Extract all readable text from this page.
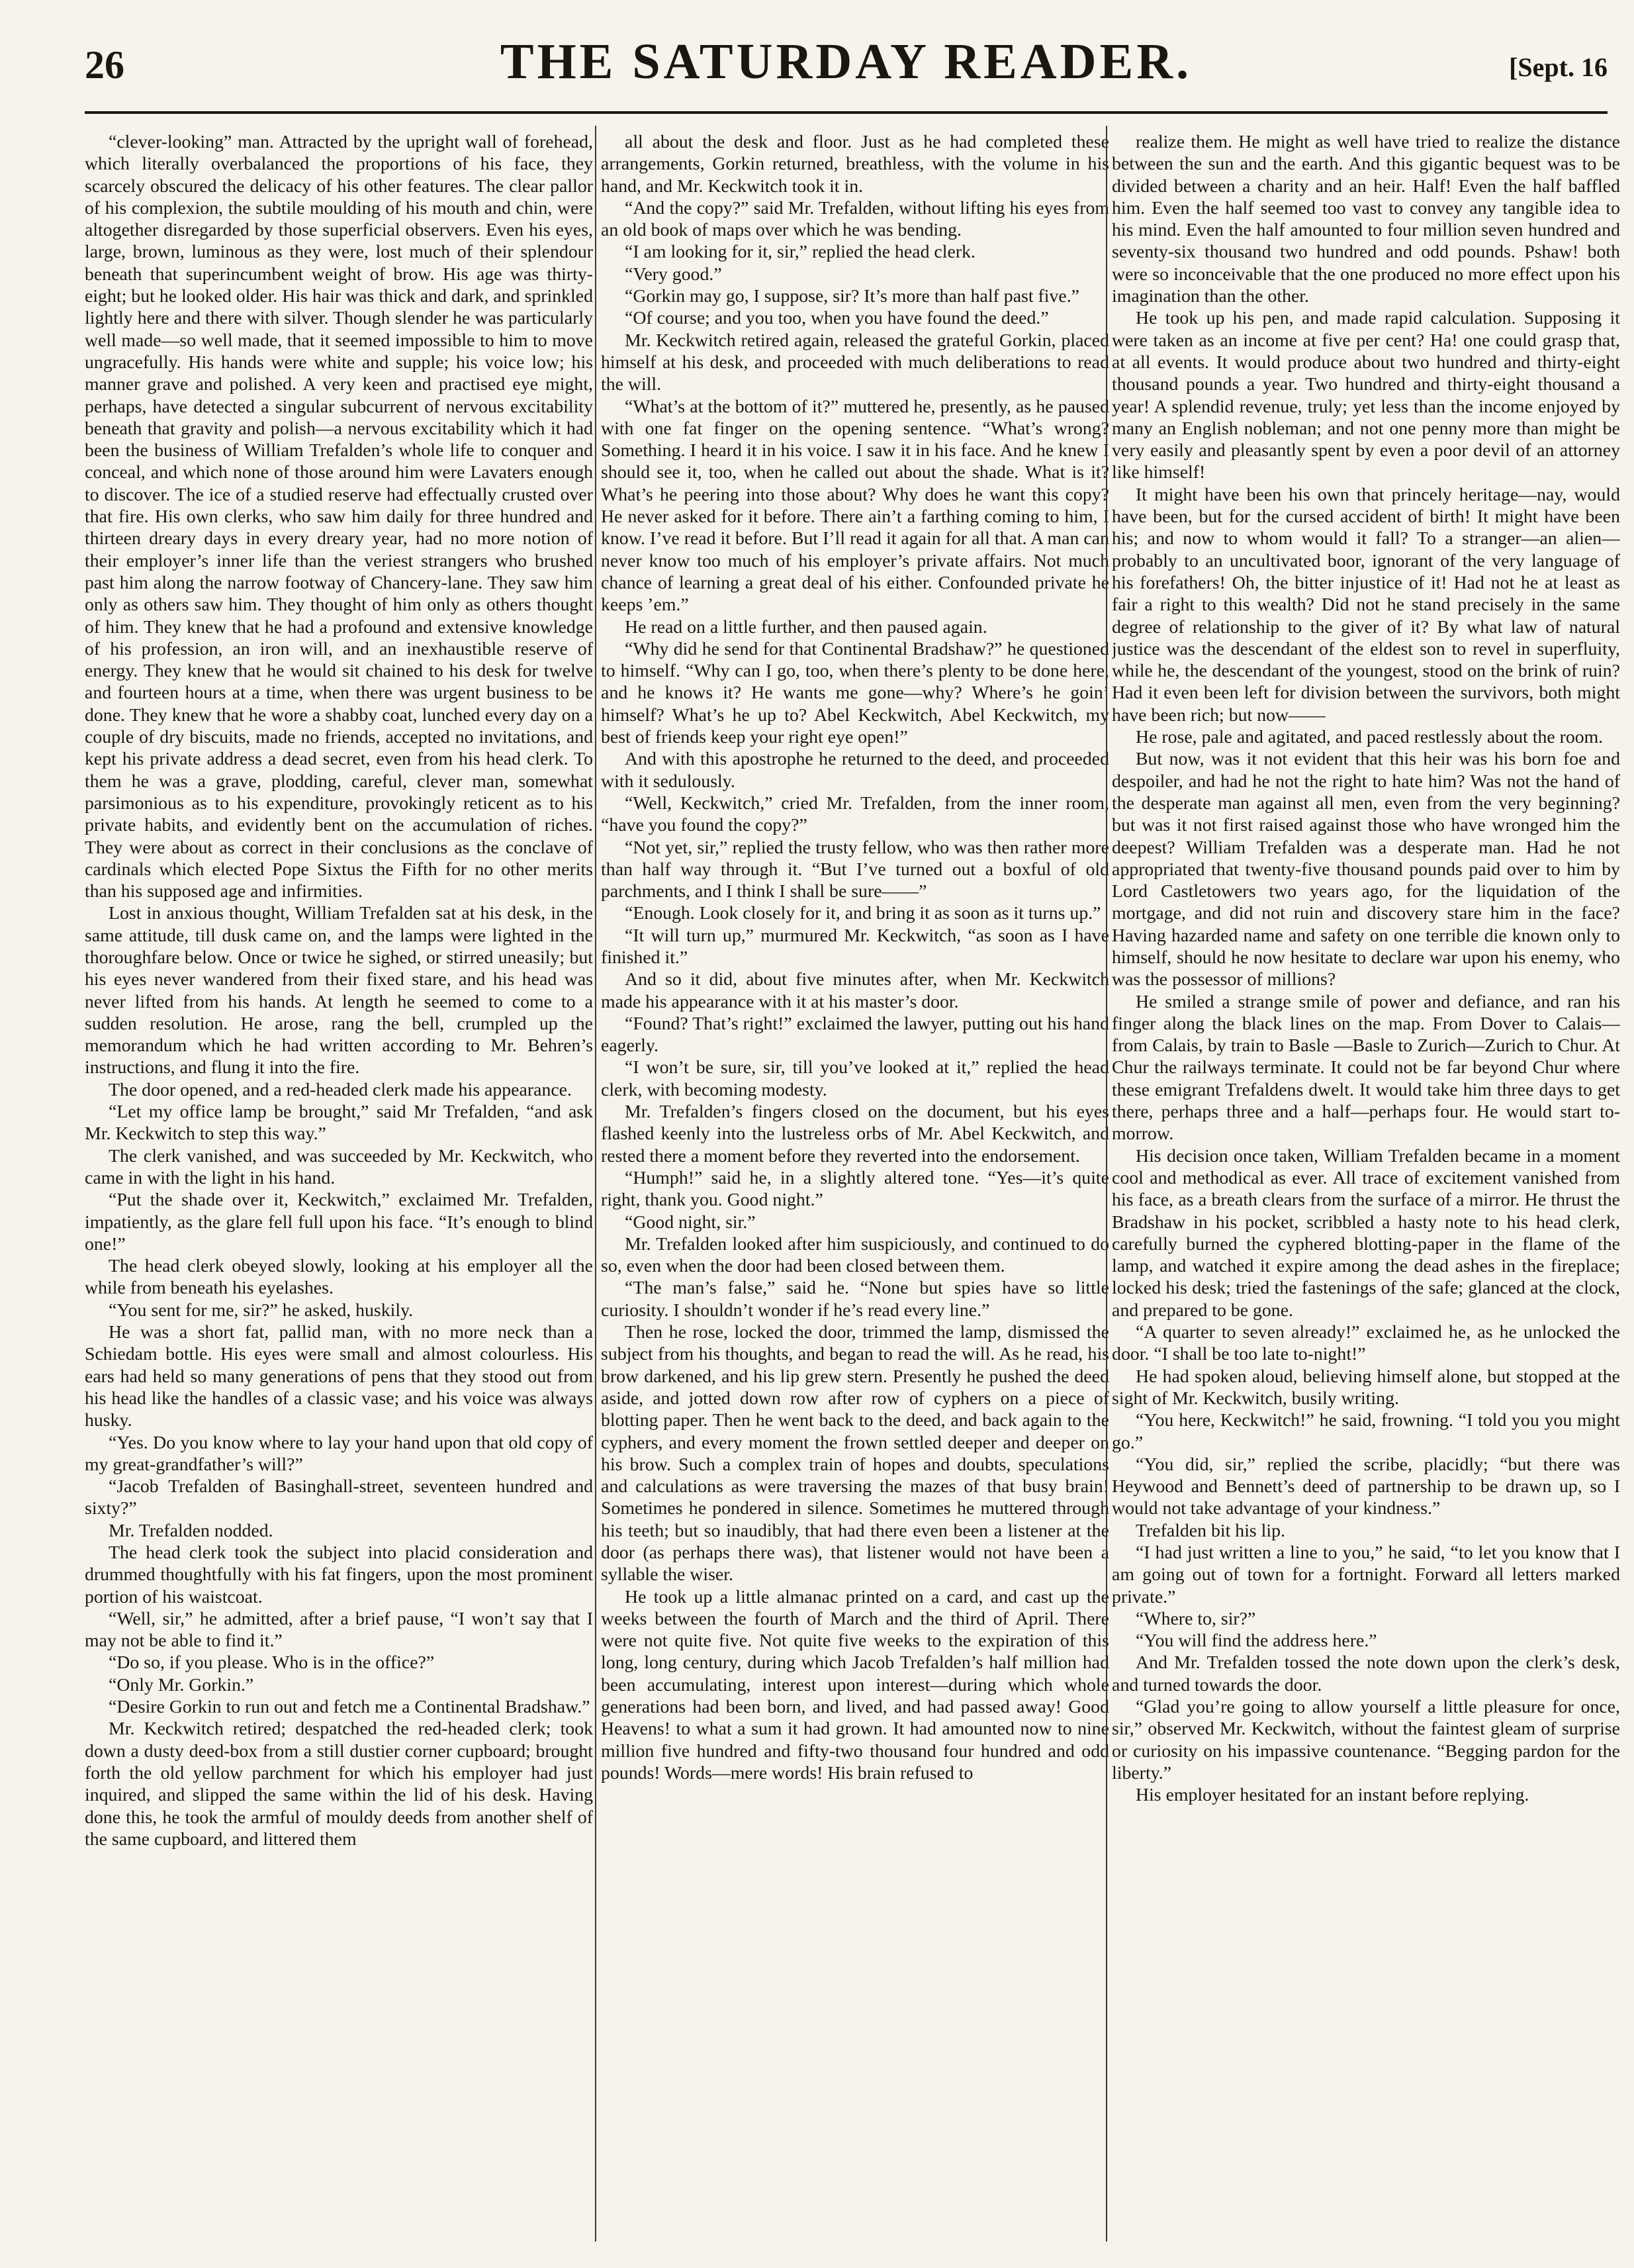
26	THE SATURDAY READER.	[Sept. 16

“clever-looking” man. Attracted by the upright wall of forehead, which literally overbalanced the proportions of his face, they scarcely obscured the delicacy of his other features. The clear pallor of his complexion, the subtile moulding of his mouth and chin, were altogether disregarded by those superficial observers. Even his eyes, large, brown, luminous as they were, lost much of their splendour beneath that superincumbent weight of brow. His age was thirty-eight; but he looked older. His hair was thick and dark, and sprinkled lightly here and there with silver. Though slender he was particularly well made—so well made, that it seemed impossible to him to move ungracefully. His hands were white and supple; his voice low; his manner grave and polished. A very keen and practised eye might, perhaps, have detected a singular subcurrent of nervous excitability beneath that gravity and polish—a nervous excitability which it had been the business of William Trefalden’s whole life to conquer and conceal, and which none of those around him were Lavaters enough to discover. The ice of a studied reserve had effectually crusted over that fire. His own clerks, who saw him daily for three hundred and thirteen dreary days in every dreary year, had no more notion of their employer’s inner life than the veriest strangers who brushed past him along the narrow footway of Chancery-lane. They saw him only as others saw him. They thought of him only as others thought of him. They knew that he had a profound and extensive knowledge of his profession, an iron will, and an inexhaustible reserve of energy. They knew that he would sit chained to his desk for twelve and fourteen hours at a time, when there was urgent business to be done. They knew that he wore a shabby coat, lunched every day on a couple of dry biscuits, made no friends, accepted no invitations, and kept his private address a dead secret, even from his head clerk. To them he was a grave, plodding, careful, clever man, somewhat parsimonious as to his expenditure, provokingly reticent as to his private habits, and evidently bent on the accumulation of riches. They were about as correct in their conclusions as the conclave of cardinals which elected Pope Sixtus the Fifth for no other merits than his supposed age and infirmities.

Lost in anxious thought, William Trefalden sat at his desk, in the same attitude, till dusk came on, and the lamps were lighted in the thoroughfare below. Once or twice he sighed, or stirred uneasily; but his eyes never wandered from their fixed stare, and his head was never lifted from his hands. At length he seemed to come to a sudden resolution. He arose, rang the bell, crumpled up the memorandum which he had written according to Mr. Behren’s instructions, and flung it into the fire.

The door opened, and a red-headed clerk made his appearance.

“Let my office lamp be brought,” said Mr Trefalden, “and ask Mr. Keckwitch to step this way.”

The clerk vanished, and was succeeded by Mr. Keckwitch, who came in with the light in his hand.

“Put the shade over it, Keckwitch,” exclaimed Mr. Trefalden, impatiently, as the glare fell full upon his face. “It’s enough to blind one!”

The head clerk obeyed slowly, looking at his employer all the while from beneath his eyelashes.

“You sent for me, sir?” he asked, huskily.

He was a short fat, pallid man, with no more neck than a Schiedam bottle. His eyes were small and almost colourless. His ears had held so many generations of pens that they stood out from his head like the handles of a classic vase; and his voice was always husky.

“Yes. Do you know where to lay your hand upon that old copy of my great-grandfather’s will?”

“Jacob Trefalden of Basinghall-street, seventeen hundred and sixty?”

Mr. Trefalden nodded.

The head clerk took the subject into placid consideration and drummed thoughtfully with his fat fingers, upon the most prominent portion of his waistcoat.

“Well, sir,” he admitted, after a brief pause, “I won’t say that I may not be able to find it.”

“Do so, if you please. Who is in the office?”

“Only Mr. Gorkin.”

“Desire Gorkin to run out and fetch me a Continental Bradshaw.”

Mr. Keckwitch retired; despatched the red-headed clerk; took down a dusty deed-box from a still dustier corner cupboard; brought forth the old yellow parchment for which his employer had just inquired, and slipped the same within the lid of his desk. Having done this, he took the armful of mouldy deeds from another shelf of the same cupboard, and littered them

all about the desk and floor. Just as he had completed these arrangements, Gorkin returned, breathless, with the volume in his hand, and Mr. Keckwitch took it in.

“And the copy?” said Mr. Trefalden, without lifting his eyes from an old book of maps over which he was bending.

“I am looking for it, sir,” replied the head clerk.

“Very good.”

“Gorkin may go, I suppose, sir? It’s more than half past five.”

“Of course; and you too, when you have found the deed.”

Mr. Keckwitch retired again, released the grateful Gorkin, placed himself at his desk, and proceeded with much deliberations to read the will.

“What’s at the bottom of it?” muttered he, presently, as he paused with one fat finger on the opening sentence. “What’s wrong? Something. I heard it in his voice. I saw it in his face. And he knew I should see it, too, when he called out about the shade. What is it? What’s he peering into those about? Why does he want this copy? He never asked for it before. There ain’t a farthing coming to him, I know. I’ve read it before. But I’ll read it again for all that. A man can never know too much of his employer’s private affairs. Not much chance of learning a great deal of his either. Confounded private he keeps ’em.”

He read on a little further, and then paused again.

“Why did he send for that Continental Bradshaw?” he questioned to himself. “Why can I go, too, when there’s plenty to be done here, and he knows it? He wants me gone—why? Where’s he goin’ himself? What’s he up to? Abel Keckwitch, Abel Keckwitch, my best of friends keep your right eye open!”

And with this apostrophe he returned to the deed, and proceeded with it sedulously.

“Well, Keckwitch,” cried Mr. Trefalden, from the inner room, “have you found the copy?”

“Not yet, sir,” replied the trusty fellow, who was then rather more than half way through it. “But I’ve turned out a boxful of old parchments, and I think I shall be sure——”

“Enough. Look closely for it, and bring it as soon as it turns up.”

“It will turn up,” murmured Mr. Keckwitch, “as soon as I have finished it.”

And so it did, about five minutes after, when Mr. Keckwitch made his appearance with it at his master’s door.

“Found? That’s right!” exclaimed the lawyer, putting out his hand eagerly.

“I won’t be sure, sir, till you’ve looked at it,” replied the head clerk, with becoming modesty.

Mr. Trefalden’s fingers closed on the document, but his eyes flashed keenly into the lustreless orbs of Mr. Abel Keckwitch, and rested there a moment before they reverted into the endorsement.

“Humph!” said he, in a slightly altered tone. “Yes—it’s quite right, thank you. Good night.”

“Good night, sir.”

Mr. Trefalden looked after him suspiciously, and continued to do so, even when the door had been closed between them.

“The man’s false,” said he. “None but spies have so little curiosity. I shouldn’t wonder if he’s read every line.”

Then he rose, locked the door, trimmed the lamp, dismissed the subject from his thoughts, and began to read the will. As he read, his brow darkened, and his lip grew stern. Presently he pushed the deed aside, and jotted down row after row of cyphers on a piece of blotting paper. Then he went back to the deed, and back again to the cyphers, and every moment the frown settled deeper and deeper on his brow. Such a complex train of hopes and doubts, speculations and calculations as were traversing the mazes of that busy brain! Sometimes he pondered in silence. Sometimes he muttered through his teeth; but so inaudibly, that had there even been a listener at the door (as perhaps there was), that listener would not have been a syllable the wiser.

He took up a little almanac printed on a card, and cast up the weeks between the fourth of March and the third of April. There were not quite five. Not quite five weeks to the expiration of this long, long century, during which Jacob Trefalden’s half million had been accumulating, interest upon interest—during which whole generations had been born, and lived, and had passed away! Good Heavens! to what a sum it had grown. It had amounted now to nine million five hundred and fifty-two thousand four hundred and odd pounds! Words—mere words! His brain refused to

realize them. He might as well have tried to realize the distance between the sun and the earth. And this gigantic bequest was to be divided between a charity and an heir. Half! Even the half baffled him. Even the half seemed too vast to convey any tangible idea to his mind. Even the half amounted to four million seven hundred and seventy-six thousand two hundred and odd pounds. Pshaw! both were so inconceivable that the one produced no more effect upon his imagination than the other.

He took up his pen, and made rapid calculation. Supposing it were taken as an income at five per cent? Ha! one could grasp that, at all events. It would produce about two hundred and thirty-eight thousand pounds a year. Two hundred and thirty-eight thousand a year! A splendid revenue, truly; yet less than the income enjoyed by many an English nobleman; and not one penny more than might be very easily and pleasantly spent by even a poor devil of an attorney like himself!

It might have been his own that princely heritage—nay, would have been, but for the cursed accident of birth! It might have been his; and now to whom would it fall? To a stranger—an alien—probably to an uncultivated boor, ignorant of the very language of his forefathers! Oh, the bitter injustice of it! Had not he at least as fair a right to this wealth? Did not he stand precisely in the same degree of relationship to the giver of it? By what law of natural justice was the descendant of the eldest son to revel in superfluity, while he, the descendant of the youngest, stood on the brink of ruin? Had it even been left for division between the survivors, both might have been rich; but now——

He rose, pale and agitated, and paced restlessly about the room.

But now, was it not evident that this heir was his born foe and despoiler, and had he not the right to hate him? Was not the hand of the desperate man against all men, even from the very beginning? but was it not first raised against those who have wronged him the deepest? William Trefalden was a desperate man. Had he not appropriated that twenty-five thousand pounds paid over to him by Lord Castletowers two years ago, for the liquidation of the mortgage, and did not ruin and discovery stare him in the face? Having hazarded name and safety on one terrible die known only to himself, should he now hesitate to declare war upon his enemy, who was the possessor of millions?

He smiled a strange smile of power and defiance, and ran his finger along the black lines on the map. From Dover to Calais—from Calais, by train to Basle —Basle to Zurich—Zurich to Chur. At Chur the railways terminate. It could not be far beyond Chur where these emigrant Trefaldens dwelt. It would take him three days to get there, perhaps three and a half—perhaps four. He would start to-morrow.

His decision once taken, William Trefalden became in a moment cool and methodical as ever. All trace of excitement vanished from his face, as a breath clears from the surface of a mirror. He thrust the Bradshaw in his pocket, scribbled a hasty note to his head clerk, carefully burned the cyphered blotting-paper in the flame of the lamp, and watched it expire among the dead ashes in the fireplace; locked his desk; tried the fastenings of the safe; glanced at the clock, and prepared to be gone.

“A quarter to seven already!” exclaimed he, as he unlocked the door. “I shall be too late to-night!”

He had spoken aloud, believing himself alone, but stopped at the sight of Mr. Keckwitch, busily writing.

“You here, Keckwitch!” he said, frowning. “I told you you might go.”

“You did, sir,” replied the scribe, placidly; “but there was Heywood and Bennett’s deed of partnership to be drawn up, so I would not take advantage of your kindness.”

Trefalden bit his lip.

“I had just written a line to you,” he said, “to let you know that I am going out of town for a fortnight. Forward all letters marked private.”

“Where to, sir?”

“You will find the address here.”

And Mr. Trefalden tossed the note down upon the clerk’s desk, and turned towards the door.

“Glad you’re going to allow yourself a little pleasure for once, sir,” observed Mr. Keckwitch, without the faintest gleam of surprise or curiosity on his impassive countenance. “Begging pardon for the liberty.”

His employer hesitated for an instant before replying.
